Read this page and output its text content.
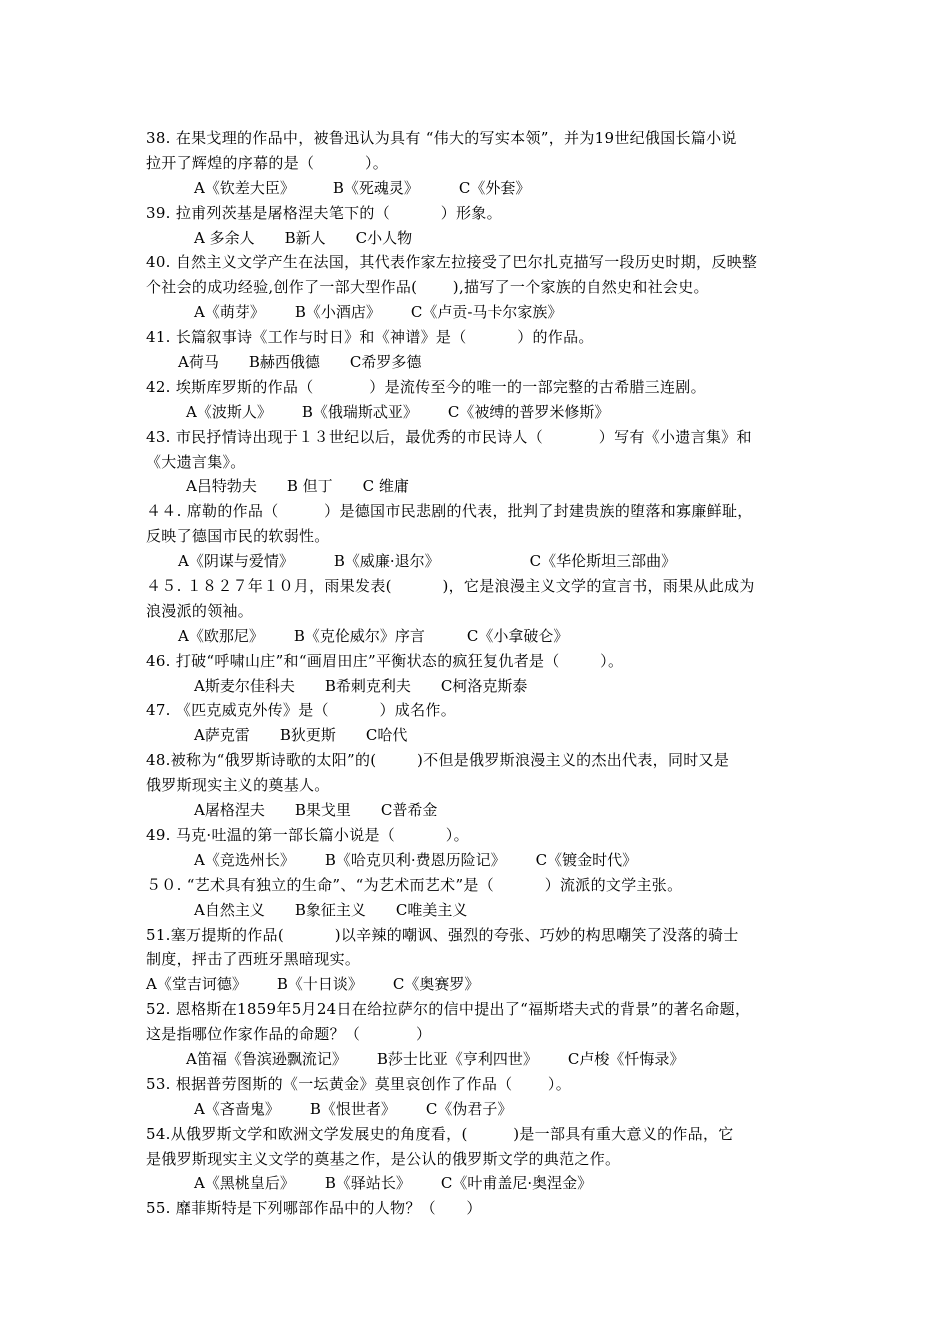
38. 在果戈理的作品中，被鲁迅认为具有 “伟大的写实本领”，并为19世纪俄国长篇小说
拉开了辉煌的序幕的是（          ）。
A《钦差大臣》	B《死魂灵》	C《外套》
39. 拉甫列茨基是屠格涅夫笔下的（          ）形象。
A 多余人 B新人 C小人物
40. 自然主义文学产生在法国，其代表作家左拉接受了巴尔扎克描写一段历史时期，反映整
个社会的成功经验,创作了一部大型作品(       ),描写了一个家族的自然史和社会史。
A《萌芽》 B《小酒店》 C《卢贡-马卡尔家族》
41. 长篇叙事诗《工作与时日》和《神谱》是（          ）的作品。
A荷马 B赫西俄德 C希罗多德
42. 埃斯库罗斯的作品（           ）是流传至今的唯一的一部完整的古希腊三连剧。
A《波斯人》 B《俄瑞斯忒亚》 C《被缚的普罗米修斯》
43. 市民抒情诗出现于１３世纪以后，最优秀的市民诗人（           ）写有《小遗言集》和
《大遗言集》。
A吕特勃夫 B 但丁 C 维庸
４４. 席勒的作品（         ）是德国市民悲剧的代表，批判了封建贵族的堕落和寡廉鲜耻，
反映了德国市民的软弱性。
A《阴谋与爱情》	B《威廉·退尔》	C《华伦斯坦三部曲》
４５. １８２７年１０月，雨果发表(          )，它是浪漫主义文学的宣言书，雨果从此成为
浪漫派的领袖。
A《欧那尼》 B《克伦威尔》序言	C《小拿破仑》
46. 打破“呼啸山庄”和“画眉田庄”平衡状态的疯狂复仇者是（        ）。
A斯麦尔佳科夫 B希刺克利夫 C柯洛克斯泰
47. 《匹克威克外传》是（          ）成名作。
A萨克雷 B狄更斯 C哈代
48.被称为“俄罗斯诗歌的太阳”的(        )不但是俄罗斯浪漫主义的杰出代表，同时又是
俄罗斯现实主义的奠基人。
A屠格涅夫 B果戈里 C普希金
49. 马克·吐温的第一部长篇小说是（          ）。
A《竞选州长》 B《哈克贝利·费恩历险记》 C《镀金时代》
５０. “艺术具有独立的生命”、“为艺术而艺术”是（          ）流派的文学主张。
A自然主义 B象征主义 C唯美主义
51.塞万提斯的作品(          )以辛辣的嘲讽、强烈的夸张、巧妙的构思嘲笑了没落的骑士
制度，抨击了西班牙黑暗现实。
A《堂吉诃德》 B《十日谈》 C《奥赛罗》
52. 恩格斯在1859年5月24日在给拉萨尔的信中提出了“福斯塔夫式的背景”的著名命题，
这是指哪位作家作品的命题？（           ）
A笛福《鲁滨逊飘流记》 B莎士比亚《亨利四世》 C卢梭《忏悔录》
53. 根据普劳图斯的《一坛黄金》莫里哀创作了作品（       ）。
A《吝啬鬼》 B《恨世者》 C《伪君子》
54.从俄罗斯文学和欧洲文学发展史的角度看，(         )是一部具有重大意义的作品，它
是俄罗斯现实主义文学的奠基之作，是公认的俄罗斯文学的典范之作。
A《黑桃皇后》 B《驿站长》 C《叶甫盖尼·奥涅金》
55. 靡菲斯特是下列哪部作品中的人物？（      ）
